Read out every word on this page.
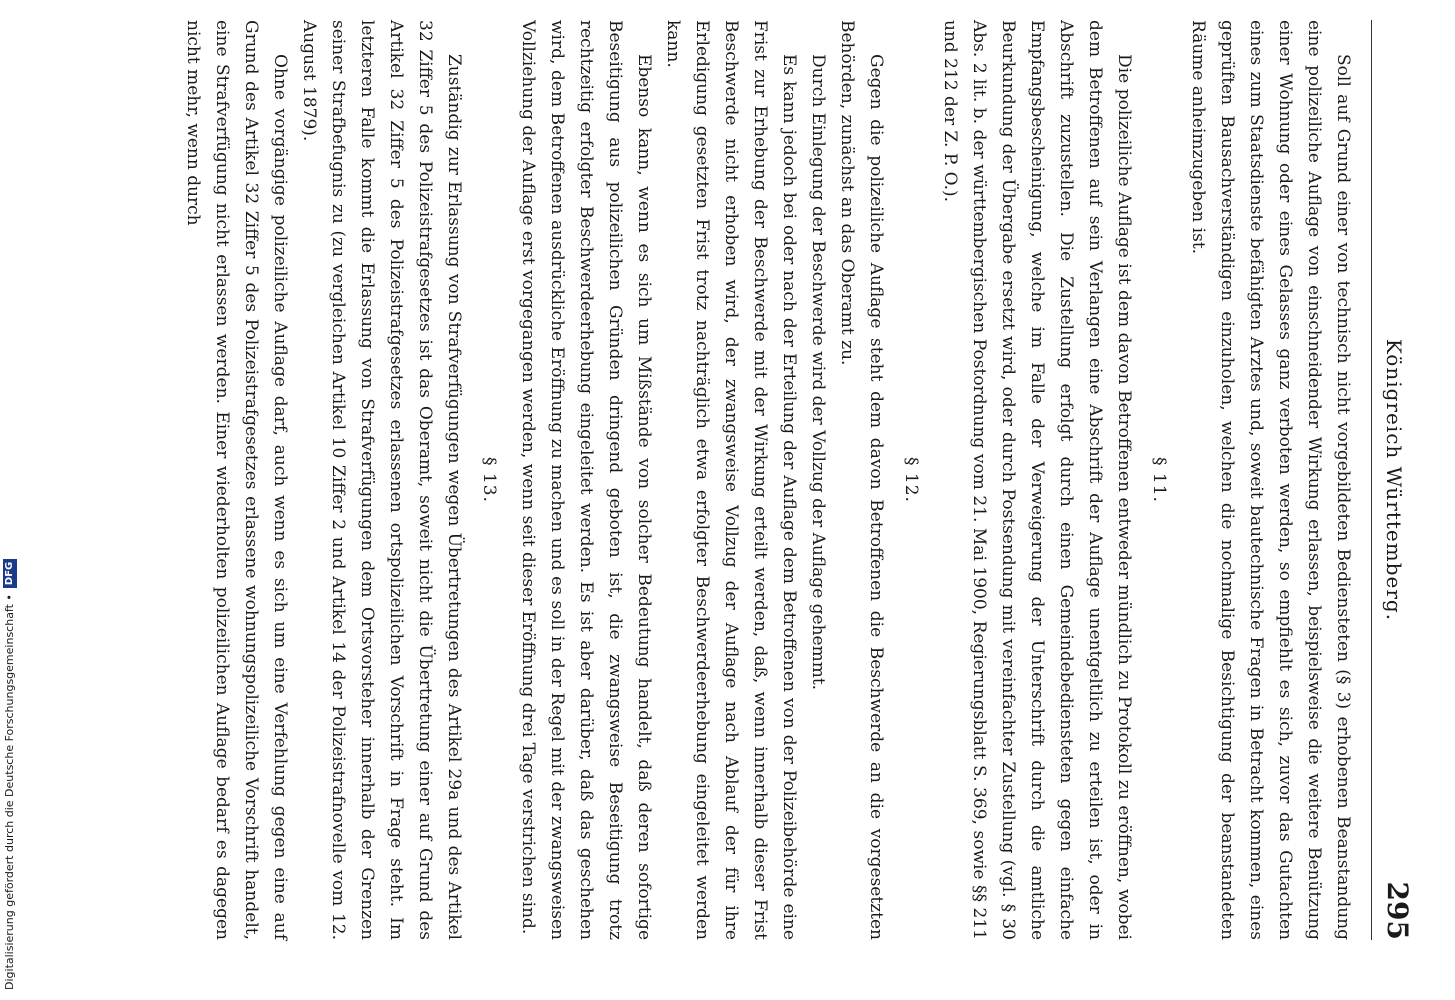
Digitalisierung gefördert durch die Deutsche Forschungsgemeinschaft •
DFG	Königreich Württemberg.
295

Soll auf Grund einer von technisch nicht vorgebildeten Bediensteten (§ 3) erhobenen Beanstandung eine polizeiliche Auflage von einschneidender Wirkung erlassen, beispielsweise die weitere Benützung einer Wohnung oder eines Gelasses ganz verboten werden, so empfiehlt es sich, zuvor das Gutachten eines zum Staatsdienste befähigten Arztes und, soweit bautechnische Fragen in Betracht kommen, eines geprüften Bausachverständigen einzuholen, welchen die nochmalige Besichtigung der beanstandeten Räume anheimzugeben ist.

§ 11.

Die polizeiliche Auflage ist dem davon Betroffenen entweder mündlich zu Protokoll zu eröffnen, wobei dem Betroffenen auf sein Verlangen eine Abschrift der Auflage unentgeltlich zu erteilen ist, oder in Abschrift zuzustellen. Die Zustellung erfolgt durch einen Gemeindebediensteten gegen einfache Empfangsbescheinigung, welche im Falle der Verweigerung der Unterschrift durch die amtliche Beurkundung der Übergabe ersetzt wird, oder durch Postsendung mit vereinfachter Zustellung (vgl. § 30 Abs. 2 lit. b. der württembergischen Postordnung vom 21. Mai 1900, Regierungsblatt S. 369, sowie §§ 211 und 212 der Z. P. O.).

§ 12.

Gegen die polizeiliche Auflage steht dem davon Betroffenen die Beschwerde an die vorgesetzten Behörden, zunächst an das Oberamt zu.

Durch Einlegung der Beschwerde wird der Vollzug der Auflage gehemmt.

Es kann jedoch bei oder nach der Erteilung der Auflage dem Betroffenen von der Polizeibehörde eine Frist zur Erhebung der Beschwerde mit der Wirkung erteilt werden, daß, wenn innerhalb dieser Frist Beschwerde nicht erhoben wird, der zwangsweise Vollzug der Auflage nach Ablauf der für ihre Erledigung gesetzten Frist trotz nachträglich etwa erfolgter Beschwerdeerhebung eingeleitet werden kann.

Ebenso kann, wenn es sich um Mißstände von solcher Bedeutung handelt, daß deren sofortige Beseitigung aus polizeilichen Gründen dringend geboten ist, die zwangsweise Beseitigung trotz rechtzeitig erfolgter Beschwerdeerhebung eingeleitet werden. Es ist aber darüber, daß das geschehen wird, dem Betroffenen ausdrückliche Eröffnung zu machen und es soll in der Regel mit der zwangsweisen Vollziehung der Auflage erst vorgegangen werden, wenn seit dieser Eröffnung drei Tage verstrichen sind.

§ 13.

Zuständig zur Erlassung von Strafverfügungen wegen Übertretungen des Artikel 29a und des Artikel 32 Ziffer 5 des Polizeistrafgesetzes ist das Oberamt, soweit nicht die Übertretung einer auf Grund des Artikel 32 Ziffer 5 des Polizeistrafgesetzes erlassenen ortspolizeilichen Vorschrift in Frage steht. Im letzteren Falle kommt die Erlassung von Strafverfügungen dem Ortsvorsteher innerhalb der Grenzen seiner Strafbefugnis zu (zu vergleichen Artikel 10 Ziffer 2 und Artikel 14 der Polizeistrafnovelle vom 12. August 1879).

Ohne vorgängige polizeiliche Auflage darf, auch wenn es sich um eine Verfehlung gegen eine auf Grund des Artikel 32 Ziffer 5 des Polizeistrafgesetzes erlassene wohnungspolizeiliche Vorschrift handelt, eine Strafverfügung nicht erlassen werden. Einer wiederholten polizeilichen Auflage bedarf es dagegen nicht mehr, wenn durch
